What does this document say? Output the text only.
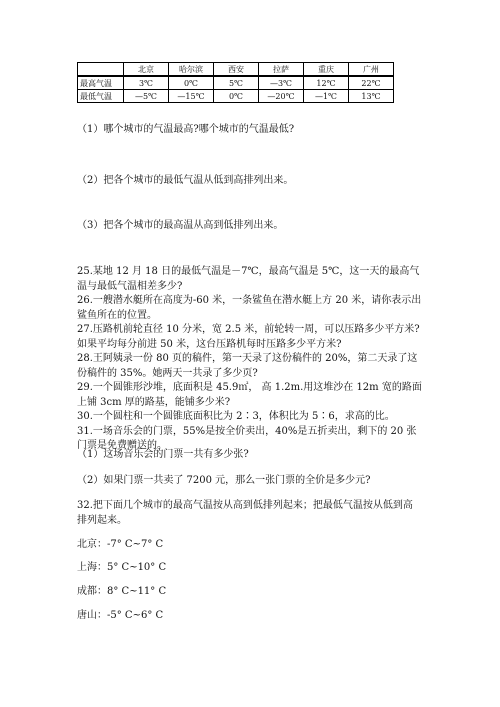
	北京	哈尔滨	西安	拉萨	重庆	广州
最高气温	3℃	0℃	5℃	—3℃	12℃	22℃
最低气温	—5℃	—15℃	0℃	—20℃	—1℃	13℃
（1）哪个城市的气温最高?哪个城市的气温最低?
（2）把各个城市的最低气温从低到高排列出来。
（3）把各个城市的最高温从高到低排列出来。

25.某地 12 月 18 日的最低气温是－7℃，最高气温是 5℃，这一天的最高气温与最低气温相差多少?

26.一艘潜水艇所在高度为-60 米，一条鲨鱼在潜水艇上方 20 米，请你表示出鲨鱼所在的位置。

27.压路机前轮直径 10 分米，宽 2.5 米，前轮转一周，可以压路多少平方米? 如果平均每分前进 50 米，这台压路机每时压路多少平方米?

28.王阿姨录一份 80 页的稿件，第一天录了这份稿件的 20%，第二天录了这份稿件的 35%。她两天一共录了多少页?

29.一个圆锥形沙堆，底面积是 45.9㎡， 高 1.2m.用这堆沙在 12m 宽的路面上铺 3cm 厚的路基，能铺多少米?

30.一个圆柱和一个圆锥底面积比为 2∶3，体积比为 5∶6，求高的比。

31.一场音乐会的门票，55%是按全价卖出，40%是五折卖出，剩下的 20 张门票是免费赠送的。

（1）这场音乐会的门票一共有多少张?
（2）如果门票一共卖了 7200 元，那么一张门票的全价是多少元?
32.把下面几个城市的最高气温按从高到低排列起来；把最低气温按从低到高排列起来。
北京：-7° C~7° C
上海：5° C~10° C
成都：8° C~11° C
唐山：-5° C~6° C
